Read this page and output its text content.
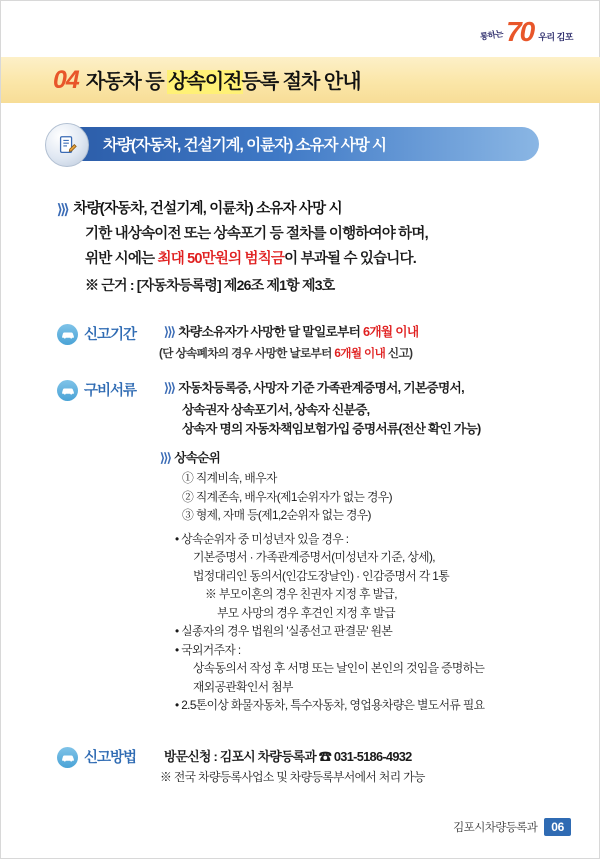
통하는 70 우리 김포
04 자동차 등 상속이전등록 절차 안내
차량(자동차, 건설기계, 이륜자) 소유자 사망 시
⟩⟩⟩ 차량(자동차, 건설기계, 이륜차) 소유자 사망 시
기한 내상속이전 또는 상속포기 등 절차를 이행하여야 하며,
위반 시에는 최대 50만원의 범칙금이 부과될 수 있습니다.
※ 근거 : [자동차등록령] 제26조 제1항 제3호
신고기간	⟩⟩⟩ 차량소유자가 사망한 달 말일로부터 6개월 이내
(단 상속폐차의 경우 사망한 날로부터 6개월 이내 신고)
구비서류	⟩⟩⟩ 자동차등록증, 사망자 기준 가족관계증명서, 기본증명서,
상속권자 상속포기서, 상속자 신분증,
상속자 명의 자동차책임보험가입 증명서류(전산 확인 가능)
⟩⟩⟩ 상속순위
① 직계비속, 배우자
② 직계존속, 배우자(제1순위자가 없는 경우)
③ 형제, 자매 등(제1,2순위자 없는 경우)
• 상속순위자 중 미성년자 있을 경우 :
기본증명서 · 가족관계증명서(미성년자 기준, 상세),
법정대리인 동의서(인감도장날인) · 인감증명서 각 1통
※ 부모이혼의 경우 친권자 지정 후 발급,
부모 사망의 경우 후견인 지정 후 발급
• 실종자의 경우 법원의 '실종선고 판결문' 원본
• 국외거주자 :
상속동의서 작성 후 서명 또는 날인이 본인의 것임을 증명하는
재외공관확인서 첨부
• 2.5톤이상 화물자동차, 특수자동차, 영업용차량은 별도서류 필요
신고방법	방문신청 : 김포시 차량등록과 ☎ 031-5186-4932
※ 전국 차량등록사업소 및 차량등록부서에서 처리 가능
김포시차량등록과	06
